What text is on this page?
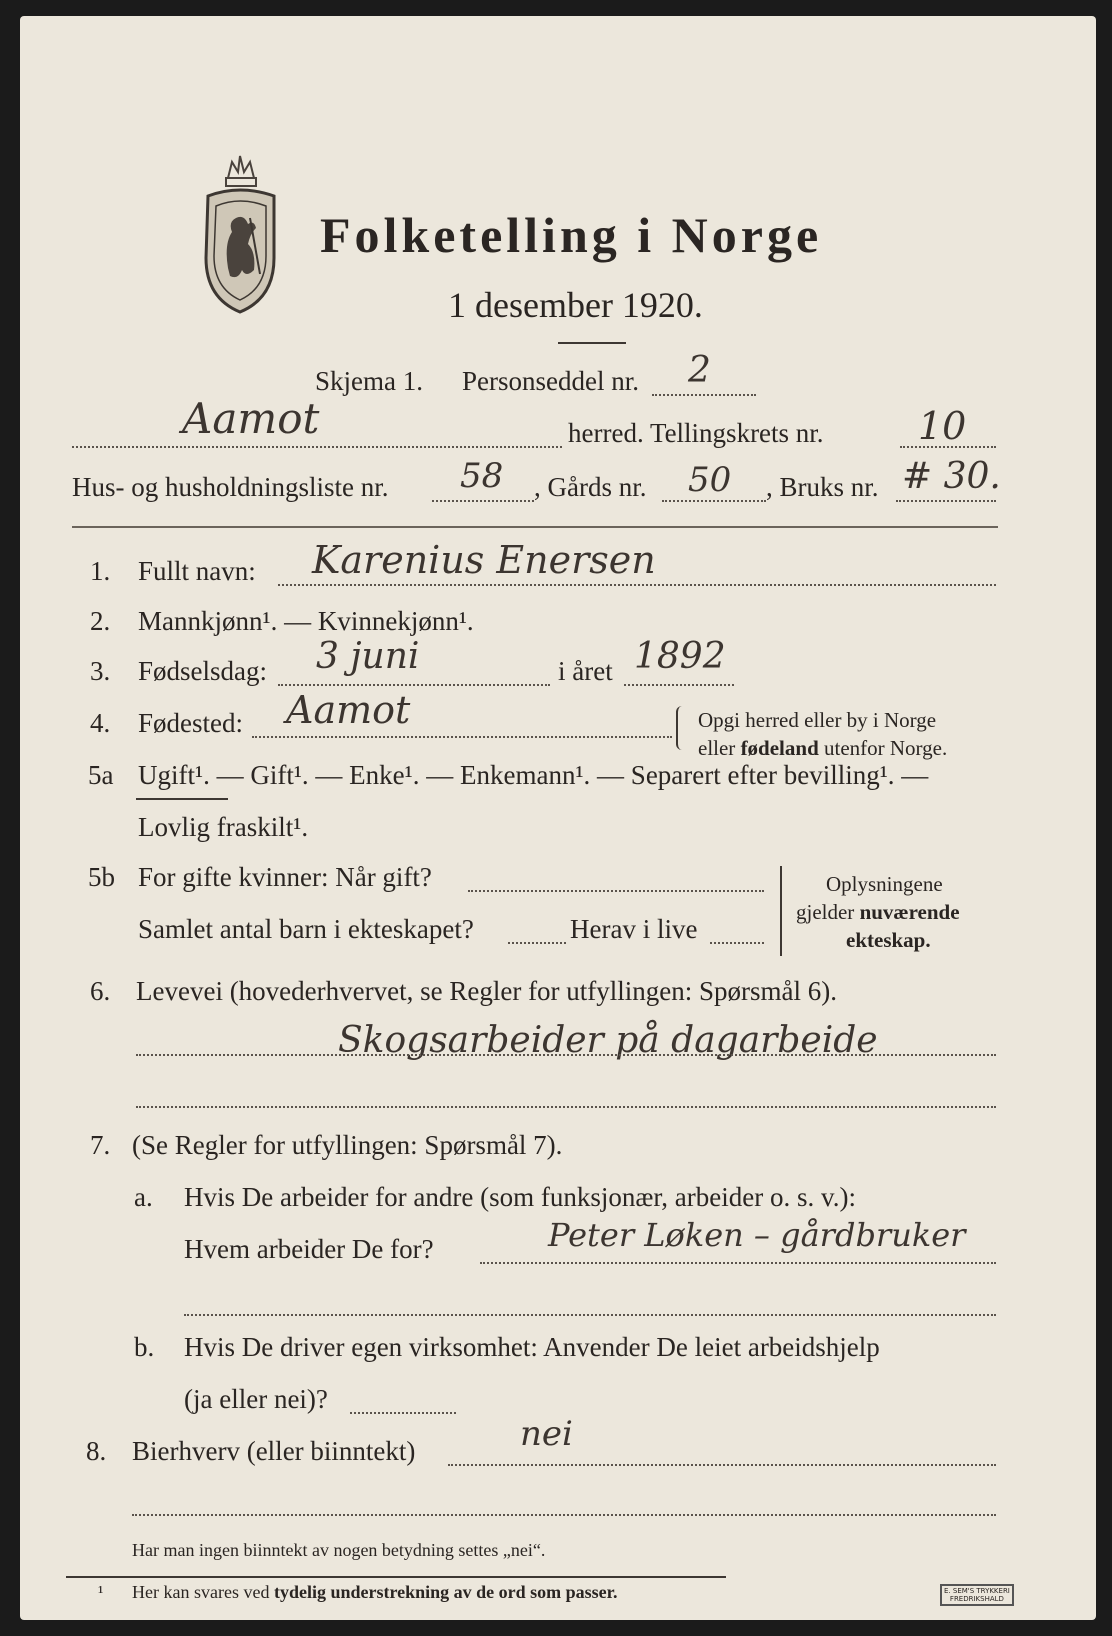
Folketelling i Norge
1 desember 1920.
Skjema 1. Personseddel nr. 2
Aamot	herred. Tellingskrets nr. 10
Hus- og husholdningsliste nr. 58 , Gårds nr. 50 , Bruks nr. # 30.
1. Fullt navn: Karenius Enersen
2. Mannkjønn¹. — Kvinnekjønn¹.
3. Fødselsdag: 3 juni	i året 1892
4. Fødested: Aamot	Opgi herred eller by i Norge
eller fødeland utenfor Norge.
5a Ugift¹. — Gift¹. — Enke¹. — Enkemann¹. — Separert efter bevilling¹. —
Lovlig fraskilt¹.
5b For gifte kvinner: Når gift?
Samlet antal barn i ekteskapet?	Herav i live
Oplysningene
gjelder nuværende
ekteskap.
6. Levevei (hovederhvervet, se Regler for utfyllingen: Spørsmål 6).
Skogsarbeider på dagarbeide
7. (Se Regler for utfyllingen: Spørsmål 7).
a. Hvis De arbeider for andre (som funksjonær, arbeider o. s. v.):
Hvem arbeider De for?	Peter Løken – gårdbruker
b. Hvis De driver egen virksomhet: Anvender De leiet arbeidshjelp
(ja eller nei)?
8. Bierhverv (eller biinntekt)	nei
Har man ingen biinntekt av nogen betydning settes „nei“.
¹ Her kan svares ved tydelig understrekning av de ord som passer.	E. SEM'S TRYKKERI
FREDRIKSHALD
